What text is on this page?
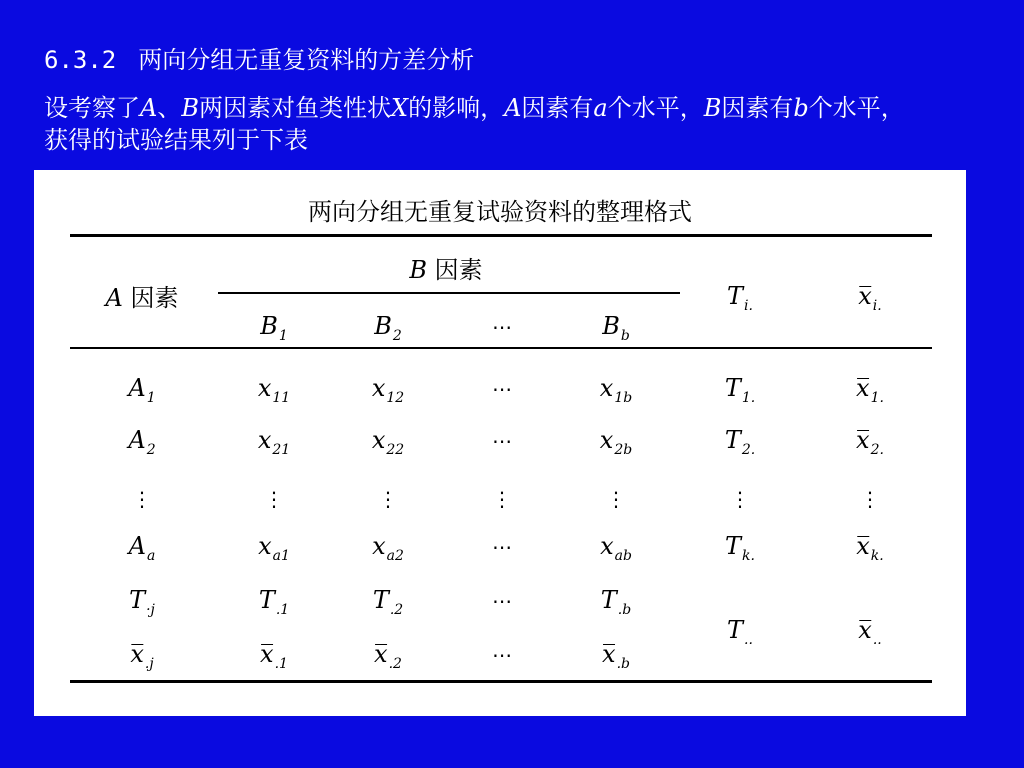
6.3.2 两向分组无重复资料的方差分析
设考察了A、B两因素对鱼类性状X的影响，A因素有a个水平，B因素有b个水平，获得的试验结果列于下表
两向分组无重复试验资料的整理格式
A 因素
B 因素
$B_1$	$B_2$	⋯	$B_b$
$T_{i.}$	$x_{i.}$
$A_1$	$x_{11}$	$x_{12}$	⋯	$x_{1b}$	$T_{1.}$	$x_{1.}$
$A_2$	$x_{21}$	$x_{22}$	⋯	$x_{2b}$	$T_{2.}$	$x_{2.}$
⋮	⋮	⋮	⋮	⋮	⋮	⋮
$A_a$	$x_{a1}$	$x_{a2}$	⋯	$x_{ab}$	$T_{k.}$	$x_{k.}$
$T_{\cdot j}$	$T_{.1}$	$T_{.2}$	⋯	$T_{.b}$
$x_{.j}$	$x_{.1}$	$x_{.2}$	⋯	$x_{.b}$
$T_{..}$	$x_{..}$
